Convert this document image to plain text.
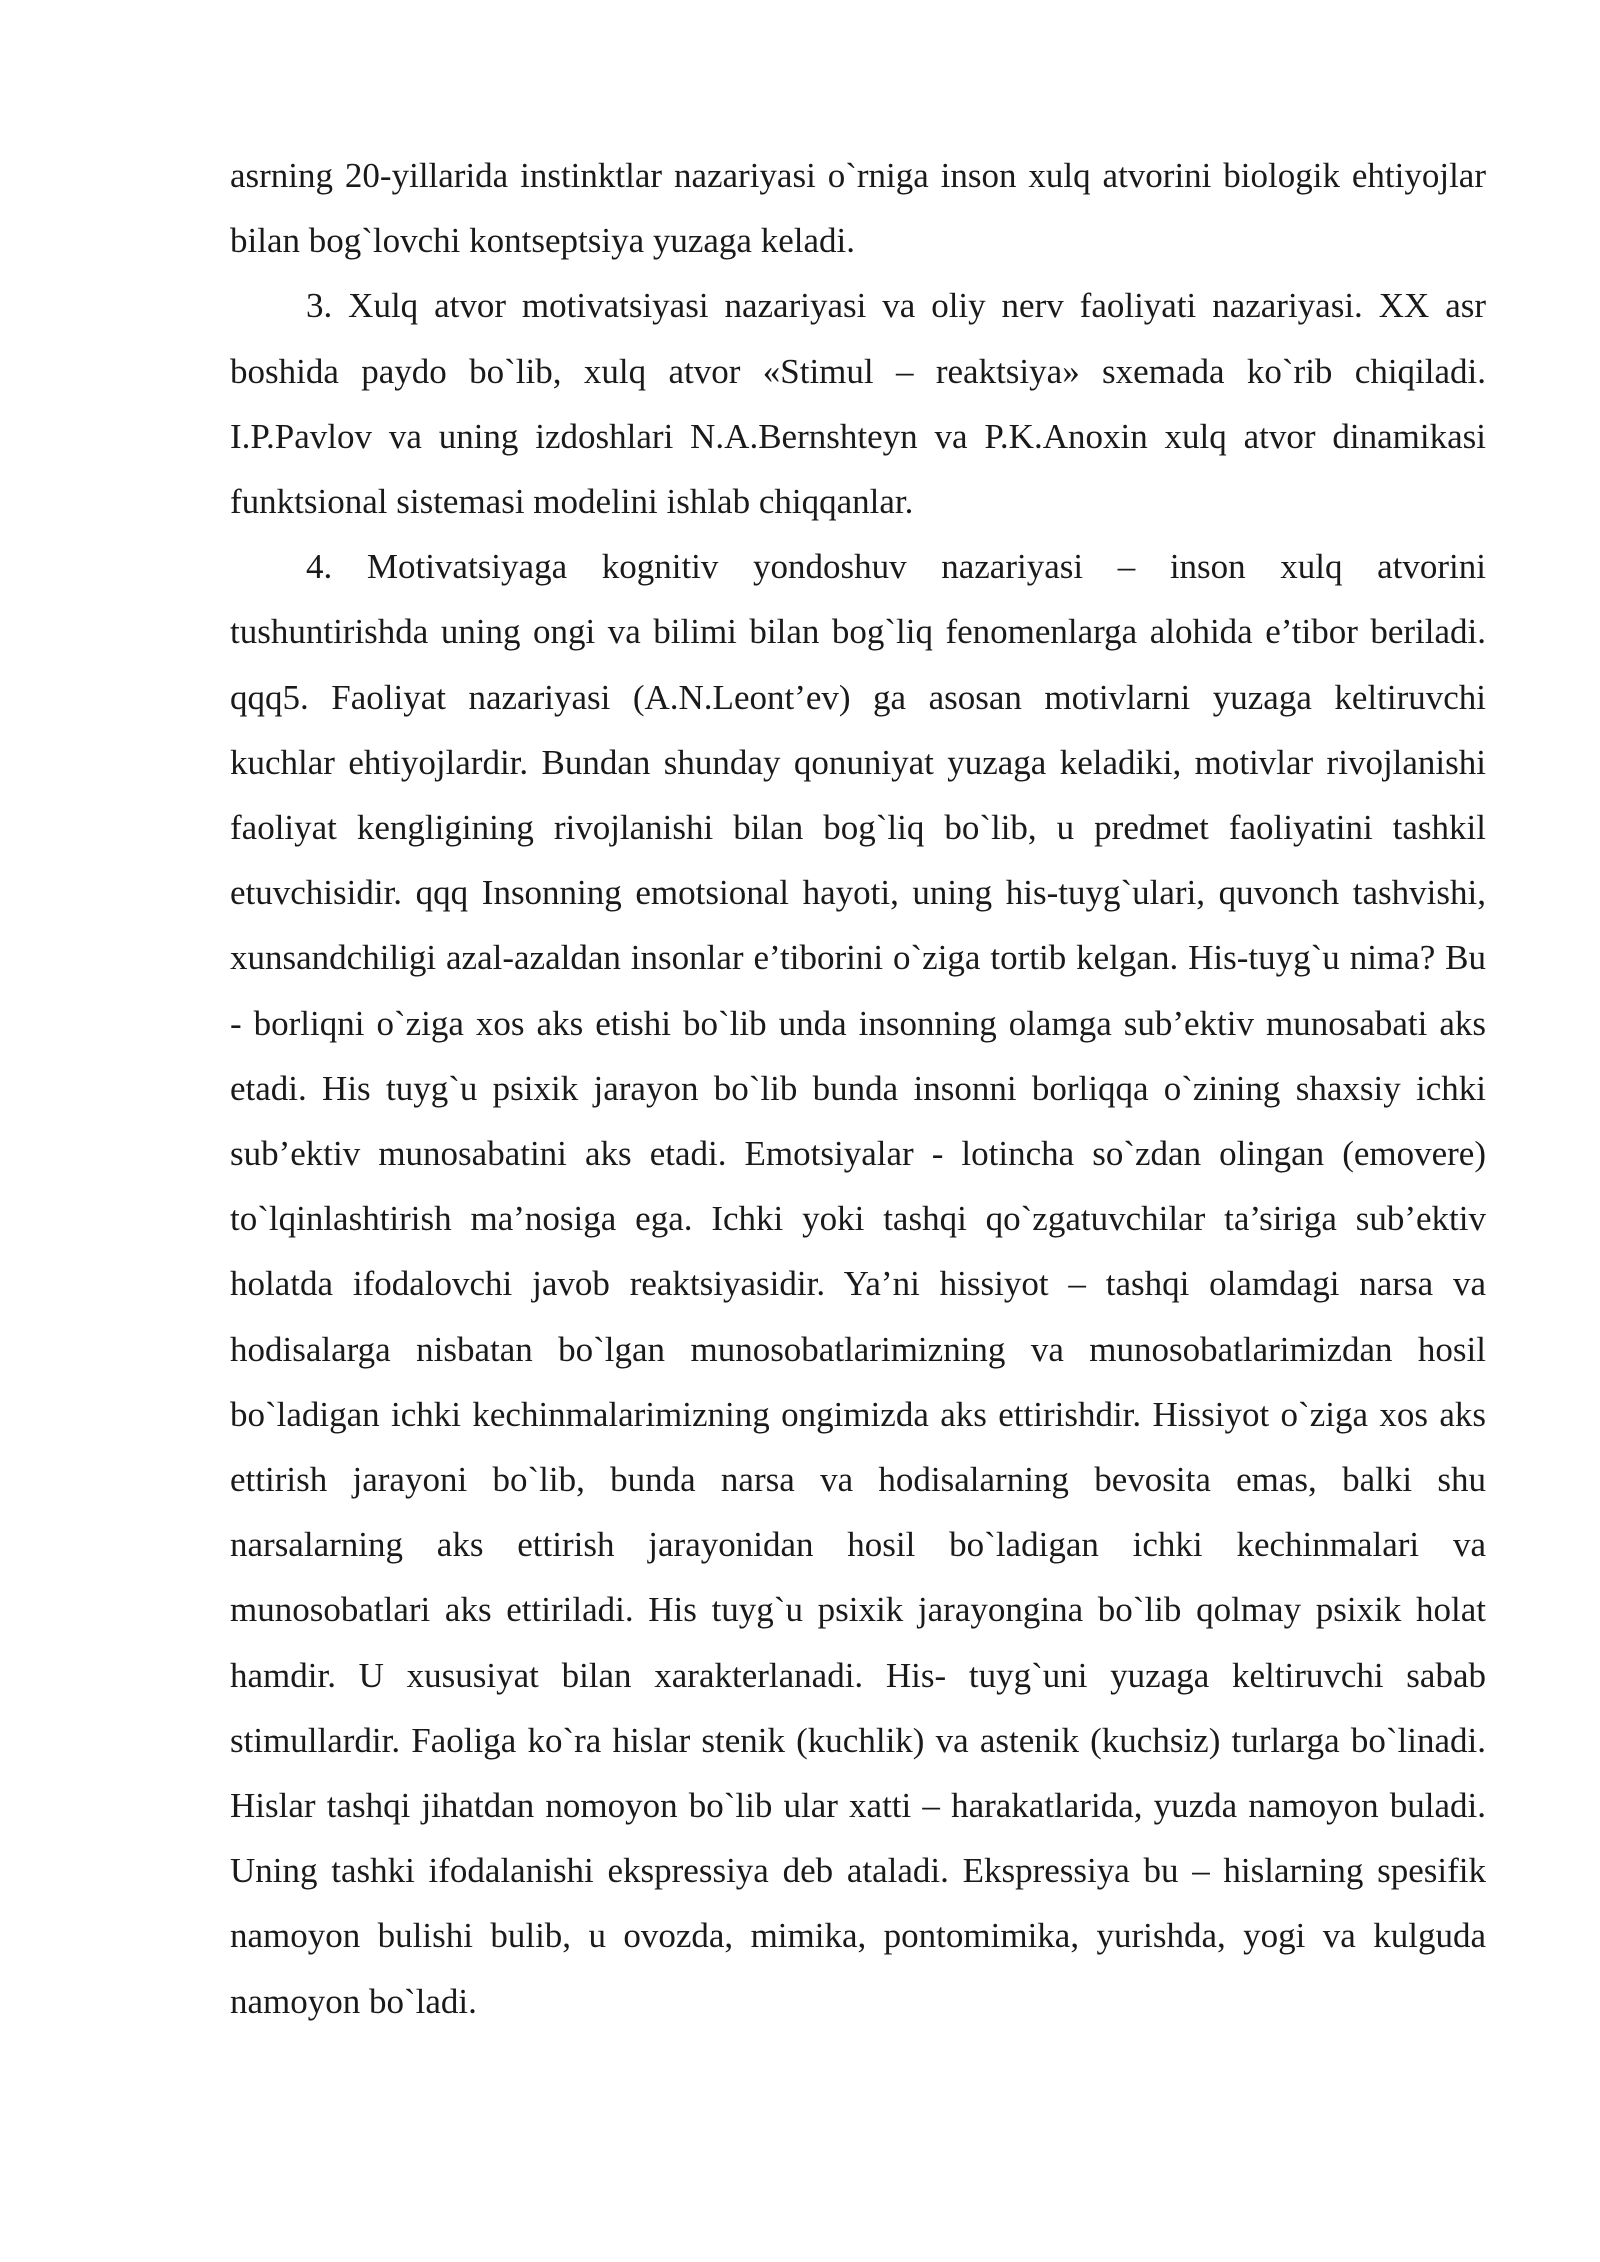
asrning 20-yillarida instinktlar nazariyasi o`rniga inson xulq atvorini biologik ehtiyojlar bilan bog`lovchi kontseptsiya yuzaga keladi.

3. Xulq atvor motivatsiyasi nazariyasi va oliy nerv faoliyati nazariyasi. XX asr boshida paydo bo`lib, xulq atvor «Stimul – reaktsiya» sxemada ko`rib chiqiladi. I.P.Pavlov va uning izdoshlari N.A.Bernshteyn va P.K.Anoxin xulq atvor dinamikasi funktsional sistemasi modelini ishlab chiqqanlar.

4. Motivatsiyaga kognitiv yondoshuv nazariyasi – inson xulq atvorini tushuntirishda uning ongi va bilimi bilan bog`liq fenomenlarga alohida e’tibor beriladi. qqq5. Faoliyat nazariyasi (A.N.Leont’ev) ga asosan motivlarni yuzaga keltiruvchi kuchlar ehtiyojlardir. Bundan shunday qonuniyat yuzaga keladiki, motivlar rivojlanishi faoliyat kengligining rivojlanishi bilan bog`liq bo`lib, u predmet faoliyatini tashkil etuvchisidir. qqq Insonning emotsional hayoti, uning his-tuyg`ulari, quvonch tashvishi, xunsandchiligi azal-azaldan insonlar e’tiborini o`ziga tortib kelgan. His-tuyg`u nima? Bu - borliqni o`ziga xos aks etishi bo`lib unda insonning olamga sub’ektiv munosabati aks etadi. His tuyg`u psixik jarayon bo`lib bunda insonni borliqqa o`zining shaxsiy ichki sub’ektiv munosabatini aks etadi. Emotsiyalar - lotincha so`zdan olingan (emovere) to`lqinlashtirish ma’nosiga ega. Ichki yoki tashqi qo`zgatuvchilar ta’siriga sub’ektiv holatda ifodalovchi javob reaktsiyasidir. Ya’ni hissiyot – tashqi olamdagi narsa va hodisalarga nisbatan bo`lgan munosobatlarimizning va munosobatlarimizdan hosil bo`ladigan ichki kechinmalarimizning ongimizda aks ettirishdir. Hissiyot o`ziga xos aks ettirish jarayoni bo`lib, bunda narsa va hodisalarning bevosita emas, balki shu narsalarning aks ettirish jarayonidan hosil bo`ladigan ichki kechinmalari va munosobatlari aks ettiriladi. His tuyg`u psixik jarayongina bo`lib qolmay psixik holat hamdir. U xususiyat bilan xarakterlanadi. His- tuyg`uni yuzaga keltiruvchi sabab stimullardir. Faoliga ko`ra hislar stenik (kuchlik) va astenik (kuchsiz) turlarga bo`linadi. Hislar tashqi jihatdan nomoyon bo`lib ular xatti – harakatlarida, yuzda namoyon buladi. Uning tashki ifodalanishi ekspressiya deb ataladi. Ekspressiya bu – hislarning spesifik namoyon bulishi bulib, u ovozda, mimika, pontomimika, yurishda, yogi va kulguda namoyon bo`ladi.
